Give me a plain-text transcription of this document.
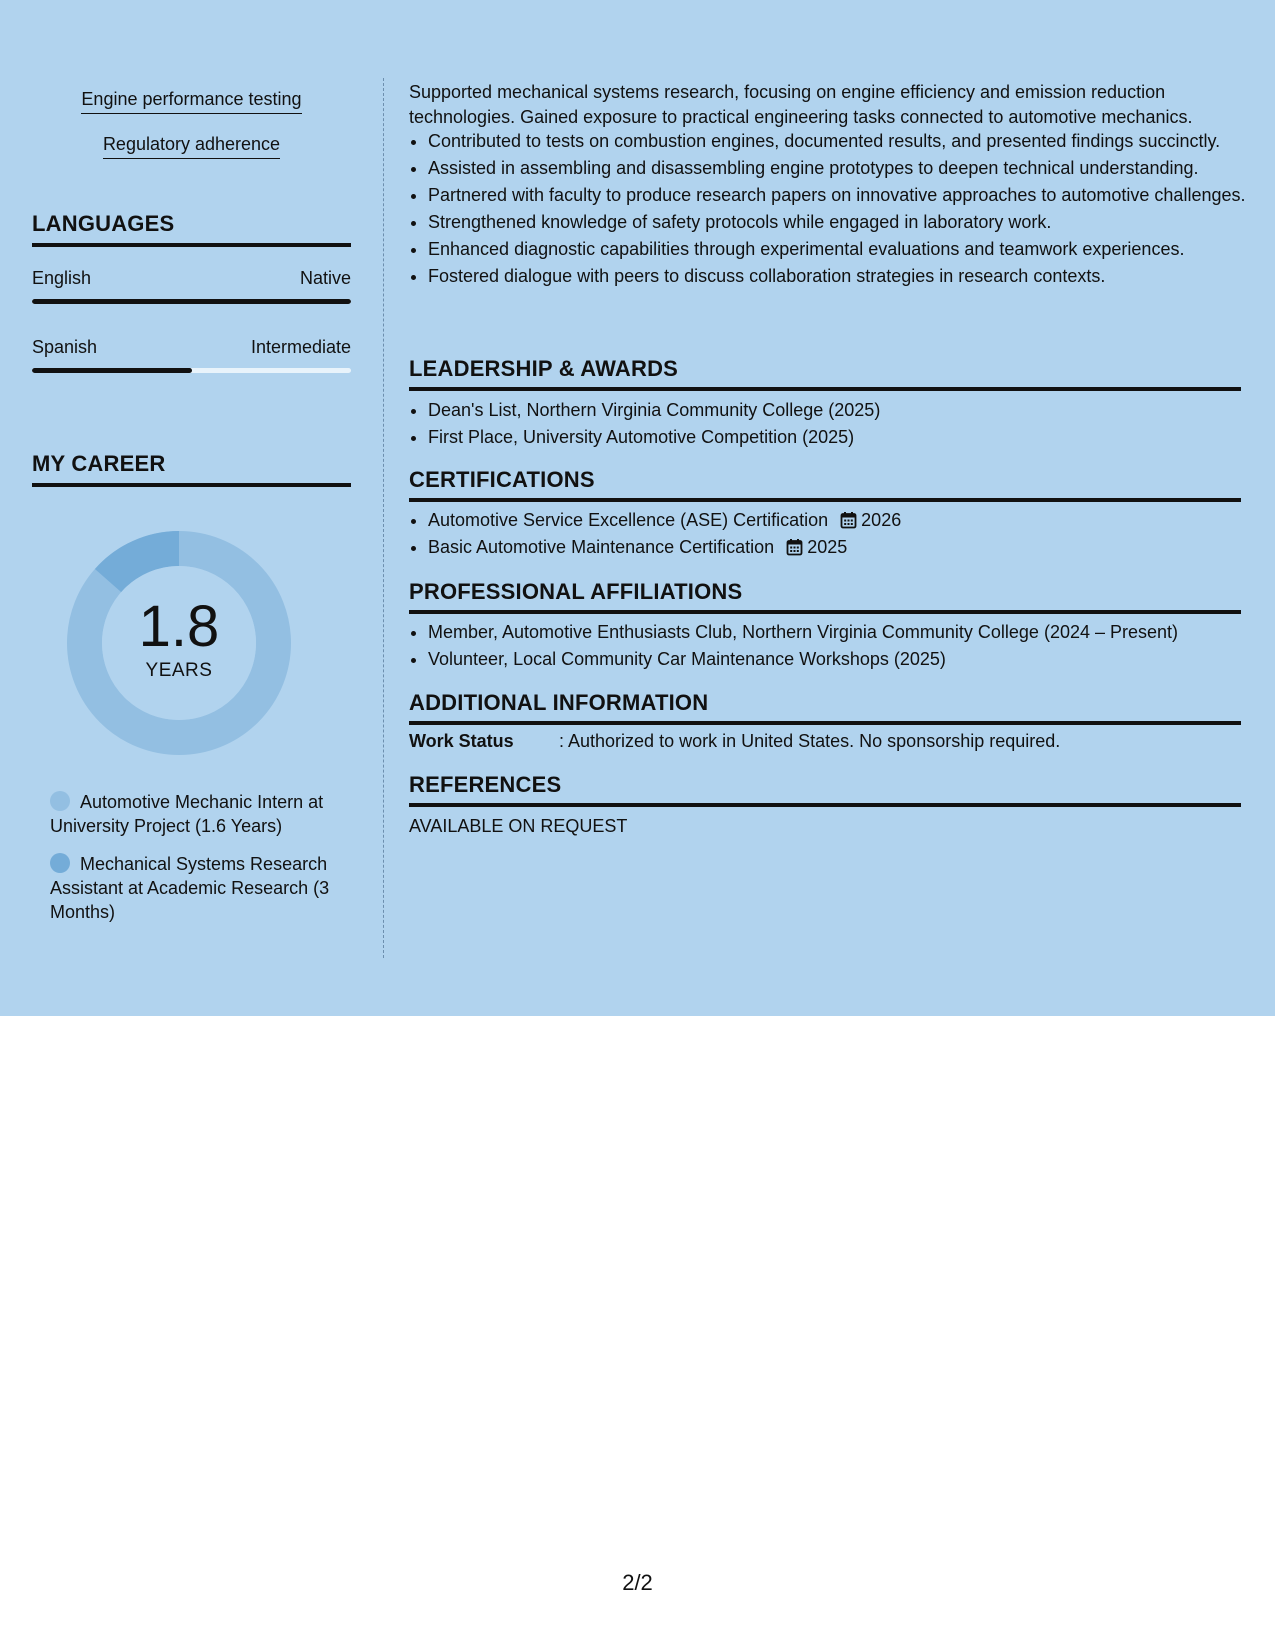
Engine performance testing
Regulatory adherence
LANGUAGES
English	Native
Spanish	Intermediate
MY CAREER
1.8
YEARS
Automotive Mechanic Intern at University Project (1.6 Years)
Mechanical Systems Research Assistant at Academic Research (3 Months)
Supported mechanical systems research, focusing on engine efficiency and emission reduction technologies. Gained exposure to practical engineering tasks connected to automotive mechanics.
• Contributed to tests on combustion engines, documented results, and presented findings succinctly.
• Assisted in assembling and disassembling engine prototypes to deepen technical understanding.
• Partnered with faculty to produce research papers on innovative approaches to automotive challenges.
• Strengthened knowledge of safety protocols while engaged in laboratory work.
• Enhanced diagnostic capabilities through experimental evaluations and teamwork experiences.
• Fostered dialogue with peers to discuss collaboration strategies in research contexts.
LEADERSHIP & AWARDS
• Dean's List, Northern Virginia Community College (2025)
• First Place, University Automotive Competition (2025)
CERTIFICATIONS
• Automotive Service Excellence (ASE) Certification 2026
• Basic Automotive Maintenance Certification 2025
PROFESSIONAL AFFILIATIONS
• Member, Automotive Enthusiasts Club, Northern Virginia Community College (2024 – Present)
• Volunteer, Local Community Car Maintenance Workshops (2025)
ADDITIONAL INFORMATION
Work Status	: Authorized to work in United States. No sponsorship required.
REFERENCES
AVAILABLE ON REQUEST
2/2
